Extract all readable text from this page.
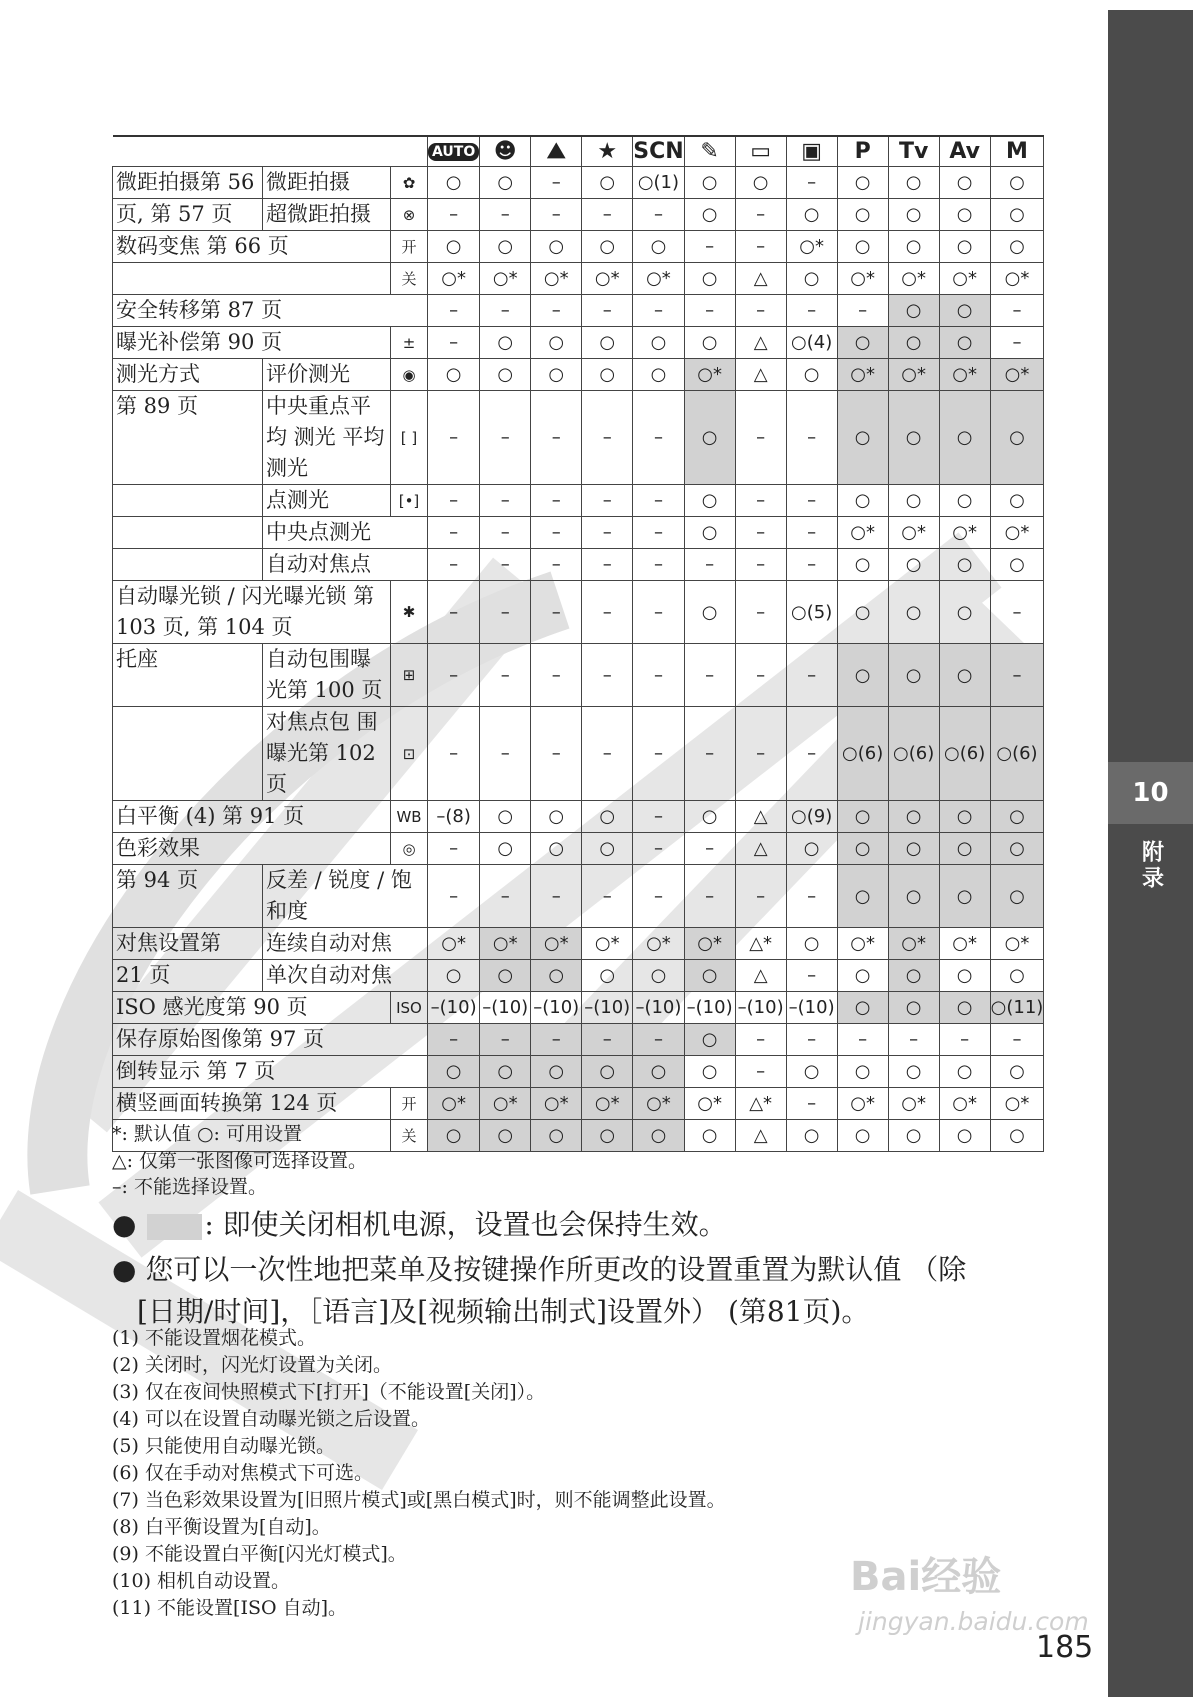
10
附录
			AUTO	☻	⛰	★	SCN	✎	▭	▣	P	Tv	Av	M
微距拍摄第 56	微距拍摄	✿	○	○	–	○	○(1)	○	○	–	○	○	○	○
页, 第 57 页	超微距拍摄	⊗	–	–	–	–	–	○	–	○	○	○	○	○
数码变焦 第 66 页		开	○	○	○	○	○	–	–	○*	○	○	○	○
		关	○*	○*	○*	○*	○*	○	△	○	○*	○*	○*	○*
安全转移第 87 页			–	–	–	–	–	–	–	–	–	○	○	–
曝光补偿第 90 页		±	–	○	○	○	○	○	△	○(4)	○	○	○	–
测光方式	评价测光	◉	○	○	○	○	○	○*	△	○	○*	○*	○*	○*
第 89 页	中央重点平均 测光 平均测光	[ ]	–	–	–	–	–	○	–	–	○	○	○	○
	点测光	[•]	–	–	–	–	–	○	–	–	○	○	○	○
	中央点测光		–	–	–	–	–	○	–	–	○*	○*	○*	○*
	自动对焦点		–	–	–	–	–	–	–	–	○	○	○	○
自动曝光锁 / 闪光曝光锁 第 103 页, 第 104 页		✱	–	–	–	–	–	○	–	○(5)	○	○	○	–
托座	自动包围曝 光第 100 页	⊞	–	–	–	–	–	–	–	–	○	○	○	–
	对焦点包 围曝光第 102 页	⊡	–	–	–	–	–	–	–	–	○(6)	○(6)	○(6)	○(6)
白平衡 (4) 第 91 页		WB	–(8)	○	○	○	–	○	△	○(9)	○	○	○	○
色彩效果		◎	–	○	○	○	–	–	△	○	○	○	○	○
第 94 页	反差 / 锐度 / 饱和度		–	–	–	–	–	–	–	–	○	○	○	○
对焦设置第	连续自动对焦		○*	○*	○*	○*	○*	○*	△*	○	○*	○*	○*	○*
21 页	单次自动对焦		○	○	○	○	○	○	△	–	○	○	○	○
ISO 感光度第 90 页		ISO	–(10)	–(10)	–(10)	–(10)	–(10)	–(10)	–(10)	–(10)	○	○	○	○(11)
保存原始图像第 97 页			–	–	–	–	–	○	–	–	–	–	–	–
倒转显示 第 7 页			○	○	○	○	○	○	–	○	○	○	○	○
横竖画面转换第 124 页		开	○*	○*	○*	○*	○*	○*	△*	–	○*	○*	○*	○*
		关	○	○	○	○	○	○	△	○	○	○	○	○
*: 默认值 ○: 可用设置
△: 仅第一张图像可选择设置。
–: 不能选择设置。
● : 即使关闭相机电源，设置也会保持生效。
● 您可以一次性地把菜单及按键操作所更改的设置重置为默认值 （除
[日期/时间]，［语言]及[视频输出制式]设置外） (第81页)。
(1) 不能设置烟花模式。
(2) 关闭时，闪光灯设置为关闭。
(3) 仅在夜间快照模式下[打开]（不能设置[关闭]）。
(4) 可以在设置自动曝光锁之后设置。
(5) 只能使用自动曝光锁。
(6) 仅在手动对焦模式下可选。
(7) 当色彩效果设置为[旧照片模式]或[黑白模式]时，则不能调整此设置。
(8) 白平衡设置为[自动]。
(9) 不能设置白平衡[闪光灯模式]。
(10) 相机自动设置。
(11) 不能设置[ISO 自动]。
Bai经验
jingyan.baidu.com
185
